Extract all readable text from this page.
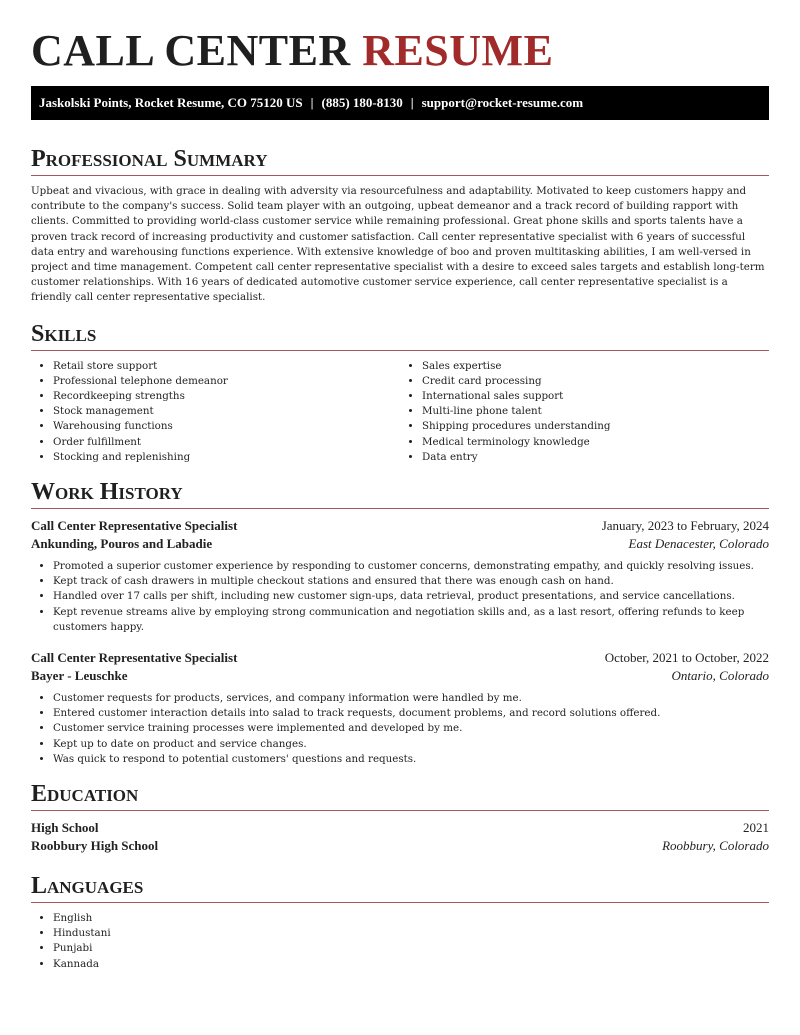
CALL CENTER RESUME
Jaskolski Points, Rocket Resume, CO 75120 US | (885) 180-8130 | support@rocket-resume.com
Professional Summary

Upbeat and vivacious, with grace in dealing with adversity via resourcefulness and adaptability. Motivated to keep customers happy and contribute to the company's success. Solid team player with an outgoing, upbeat demeanor and a track record of building rapport with clients. Committed to providing world-class customer service while remaining professional. Great phone skills and sports talents have a proven track record of increasing productivity and customer satisfaction. Call center representative specialist with 6 years of successful data entry and warehousing functions experience. With extensive knowledge of boo and proven multitasking abilities, I am well-versed in project and time management. Competent call center representative specialist with a desire to exceed sales targets and establish long-term customer relationships. With 16 years of dedicated automotive customer service experience, call center representative specialist is a friendly call center representative specialist.

Skills
• Retail store support
• Professional telephone demeanor
• Recordkeeping strengths
• Stock management
• Warehousing functions
• Order fulfillment
• Stocking and replenishing
• Sales expertise
• Credit card processing
• International sales support
• Multi-line phone talent
• Shipping procedures understanding
• Medical terminology knowledge
• Data entry
Work History
Call Center Representative Specialist	January, 2023 to February, 2024
Ankunding, Pouros and Labadie	East Denacester, Colorado
• Promoted a superior customer experience by responding to customer concerns, demonstrating empathy, and quickly resolving issues.
• Kept track of cash drawers in multiple checkout stations and ensured that there was enough cash on hand.
• Handled over 17 calls per shift, including new customer sign-ups, data retrieval, product presentations, and service cancellations.
• Kept revenue streams alive by employing strong communication and negotiation skills and, as a last resort, offering refunds to keep customers happy.
Call Center Representative Specialist	October, 2021 to October, 2022
Bayer - Leuschke	Ontario, Colorado
• Customer requests for products, services, and company information were handled by me.
• Entered customer interaction details into salad to track requests, document problems, and record solutions offered.
• Customer service training processes were implemented and developed by me.
• Kept up to date on product and service changes.
• Was quick to respond to potential customers' questions and requests.
Education
High School	2021
Roobbury High School	Roobbury, Colorado
Languages
• English
• Hindustani
• Punjabi
• Kannada
